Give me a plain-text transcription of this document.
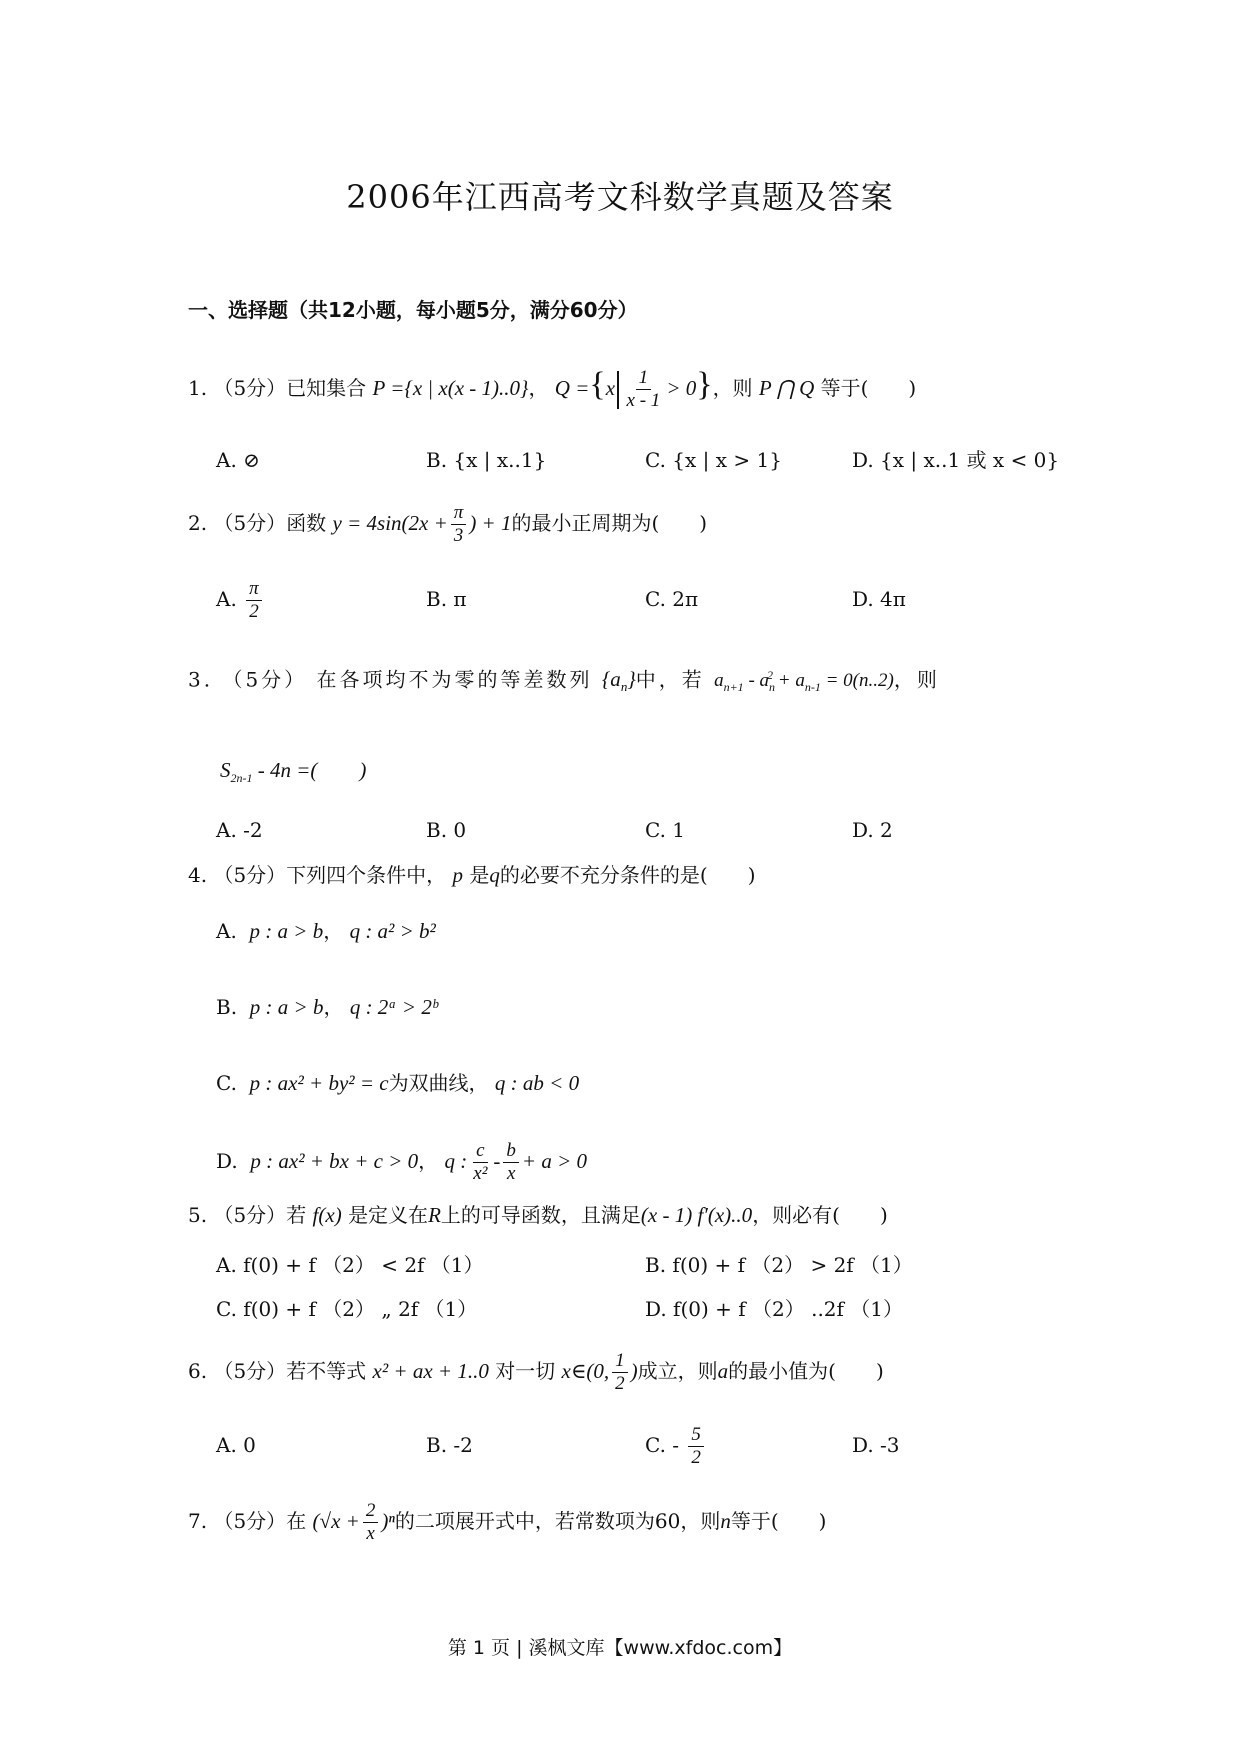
2006年江西高考文科数学真题及答案
一、选择题（共12小题，每小题5分，满分60分）
1. （5分）已知集合 P ={x | x(x - 1)..0}， $Q =\{x \frac{1}{x - 1} > 0\}$，则 P ⋂ Q 等于(　　)
A. ⊘	B. {x | x..1}	C. {x | x > 1}	D. {x | x..1 或 x < 0}
2. （5分）函数 $y = 4\sin(2x + \frac{\pi}{3}$ ) + 1的最小正周期为(　　)
A. $\frac{\pi}{2}$	B. π	C. 2π	D. 4π
3. （5分） 在各项均不为零的等差数列 $\{a_n\}$中，若 $a_{n+1} - a_n^2 + a_{n-1} = 0(n..2)$，则
$S_{2n-1} - 4n$ =(　　)
A. -2	B. 0	C. 1	D. 2
4. （5分）下列四个条件中， p 是q的必要不充分条件的是(　　)
A. p : a > b， q : a² > b²
B. p : a > b， q : 2ᵃ > 2ᵇ
C. p : ax² + by² = c为双曲线， q : ab < 0
D. p : ax² + bx + c > 0， q : $\frac{c}{\text{x²}} - \frac{b}{x} + a > 0$
5. （5分）若 f(x) 是定义在R上的可导函数，且满足(x - 1) f′(x)..0，则必有(　　)
A. f(0) + f （2） < 2f （1）	B. f(0) + f （2） > 2f （1）
C. f(0) + f （2） „ 2f （1）	D. f(0) + f （2） ..2f （1）
6. （5分）若不等式 x² + ax + 1..0 对一切 x∈(0, $\frac{1}{2}$ )成立，则a的最小值为(　　)
A. 0	B. -2	C. - $\frac{5}{2}$	D. -3
7. （5分）在 $(√x + \frac{2}{x} )^n$的二项展开式中，若常数项为60，则n等于(　　)
第 1 页 | 溪枫文库【www.xfdoc.com】
